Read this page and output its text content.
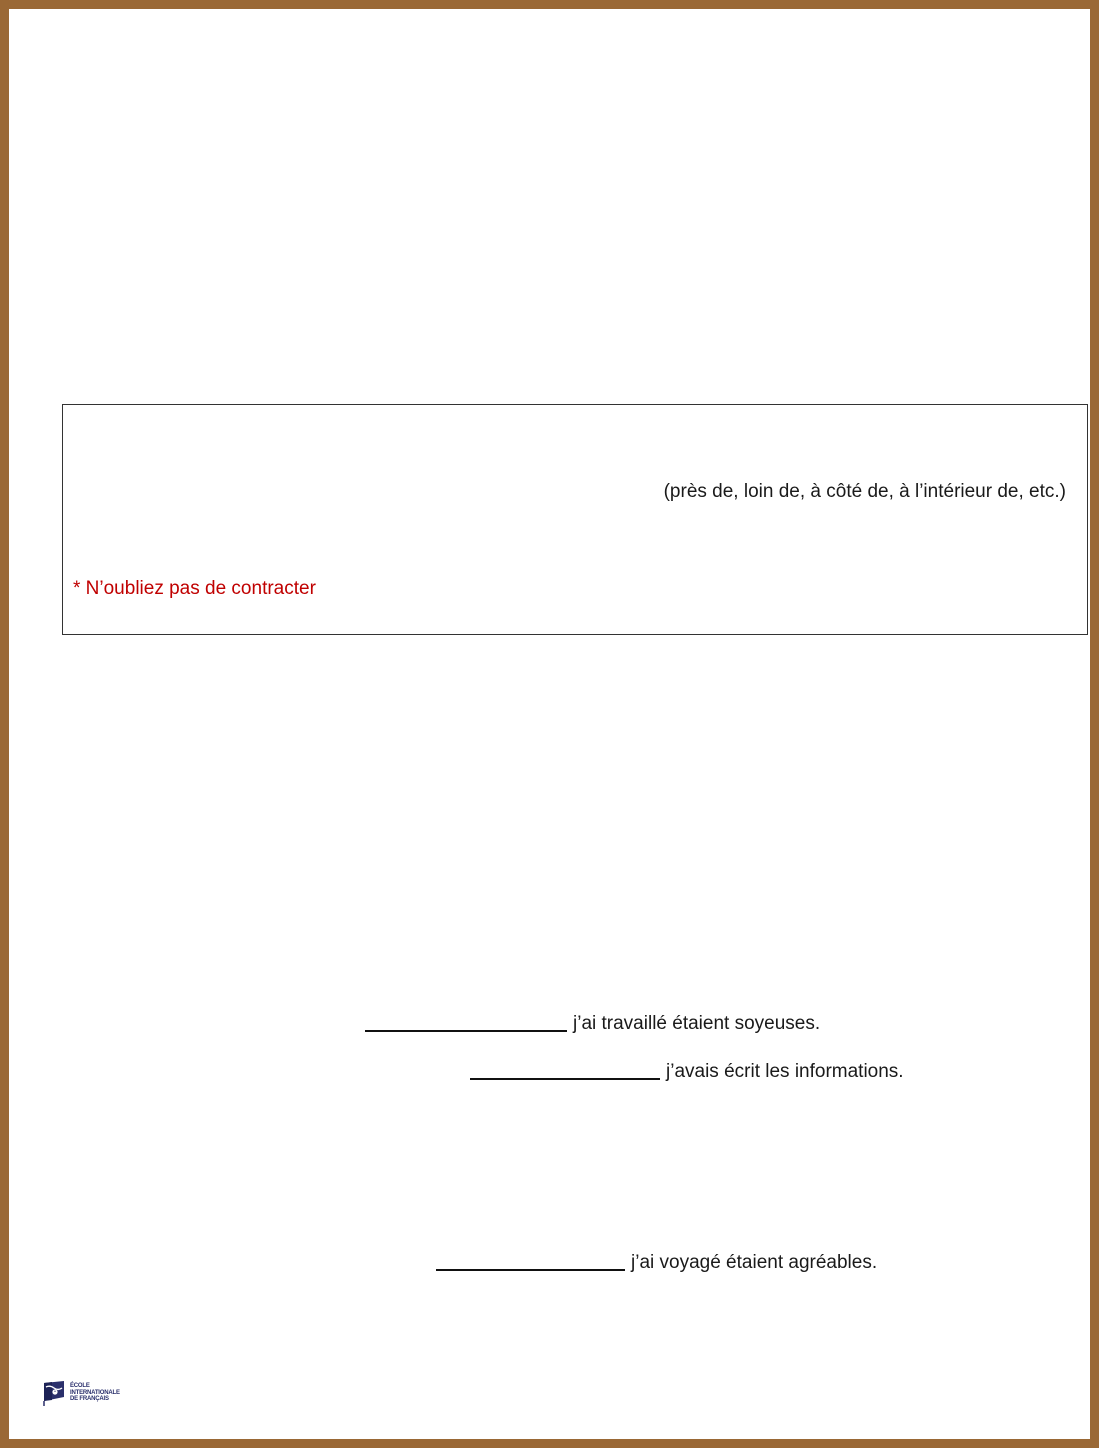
(près de, loin de, à côté de, à l’intérieur de, etc.)
* N’oubliez pas de contracter
j’ai travaillé étaient soyeuses.
j’avais écrit les informations.
j’ai voyagé étaient agréables.
ÉCOLE
INTERNATIONALE
DE FRANÇAIS
